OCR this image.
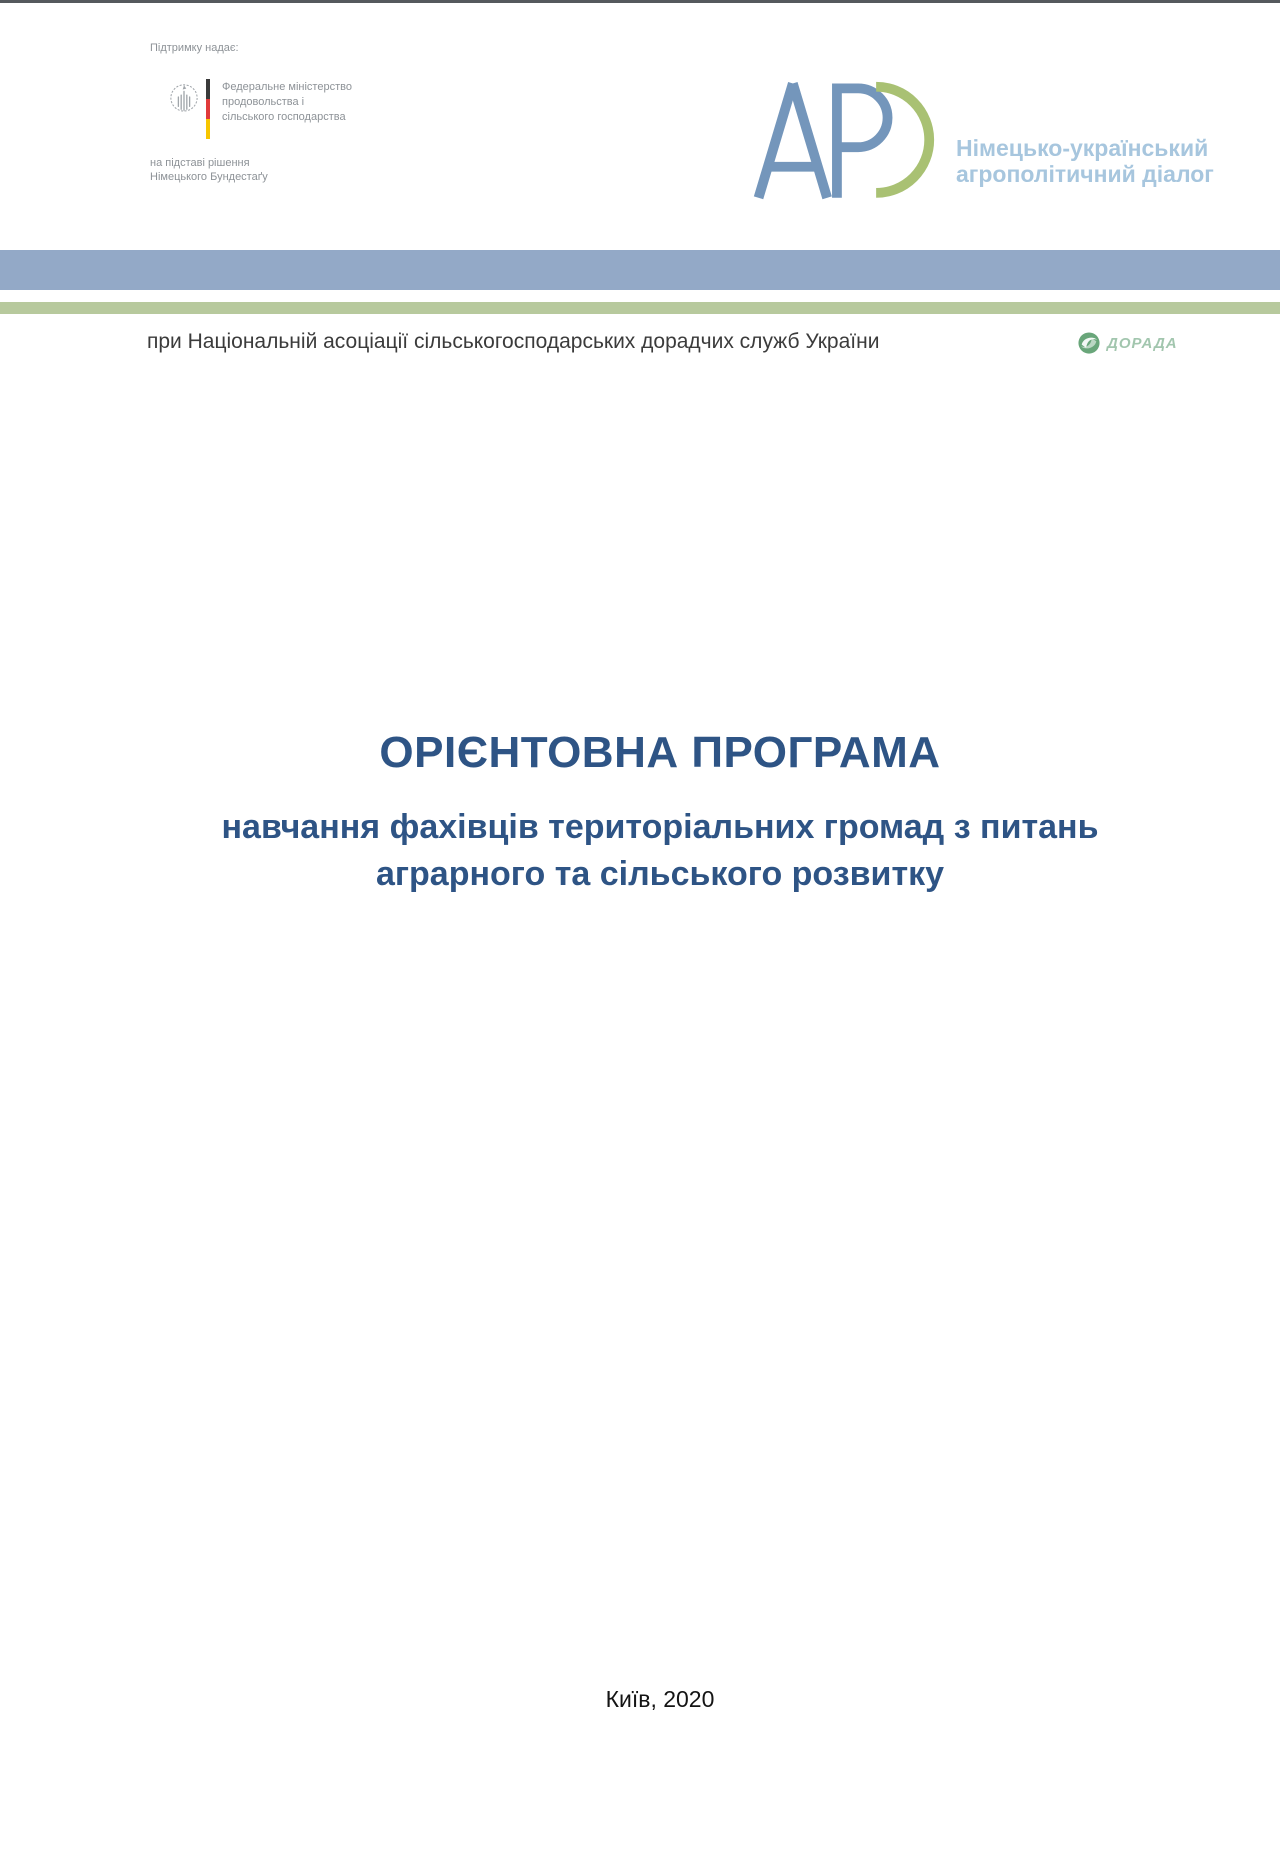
Підтримку надає:
Федеральне міністерство
продовольства і
сільського господарства
на підставі рішення
Німецького Бундестаґу
Німецько-український
агрополітичний діалог
при Національній асоціації сільськогосподарських дорадчих служб України	ДОРАДА
ОРІЄНТОВНА ПРОГРАМА
навчання фахівців територіальних громад з питань
аграрного та сільського розвитку
Київ, 2020
